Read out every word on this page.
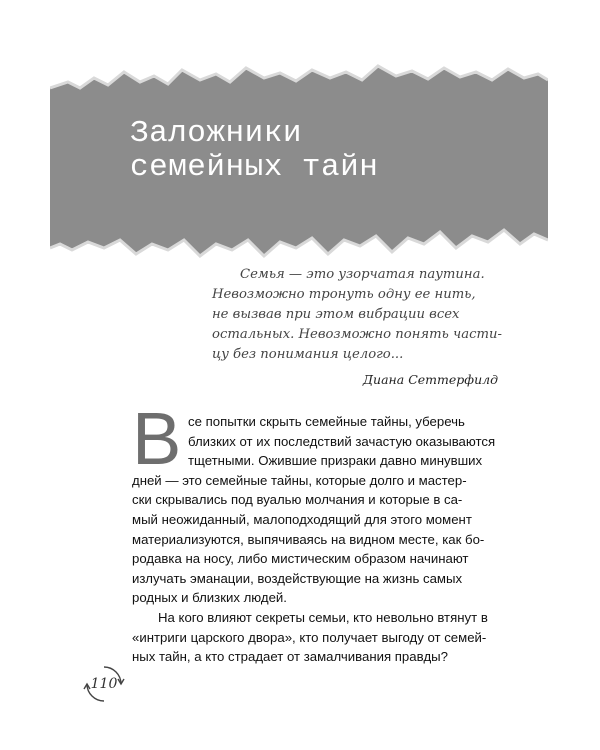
Заложники
семейных тайн
Семья — это узорчатая паутина.
Невозможно тронуть одну ее нить,
не вызвав при этом вибрации всех
остальных. Невозможно понять части-
цу без понимания целого...
Диана Сеттерфилд
В се попытки скрыть семейные тайны, уберечь
близких от их последствий зачастую оказываются
тщетными. Ожившие призраки давно минувших
дней — это семейные тайны, которые долго и мастер-
ски скрывались под вуалью молчания и которые в са-
мый неожиданный, малоподходящий для этого момент
материализуются, выпячиваясь на видном месте, как бо-
родавка на носу, либо мистическим образом начинают
излучать эманации, воздействующие на жизнь самых
родных и близких людей.
На кого влияют секреты семьи, кто невольно втянут в
«интриги царского двора», кто получает выгоду от семей-
ных тайн, а кто страдает от замалчивания правды?
110
